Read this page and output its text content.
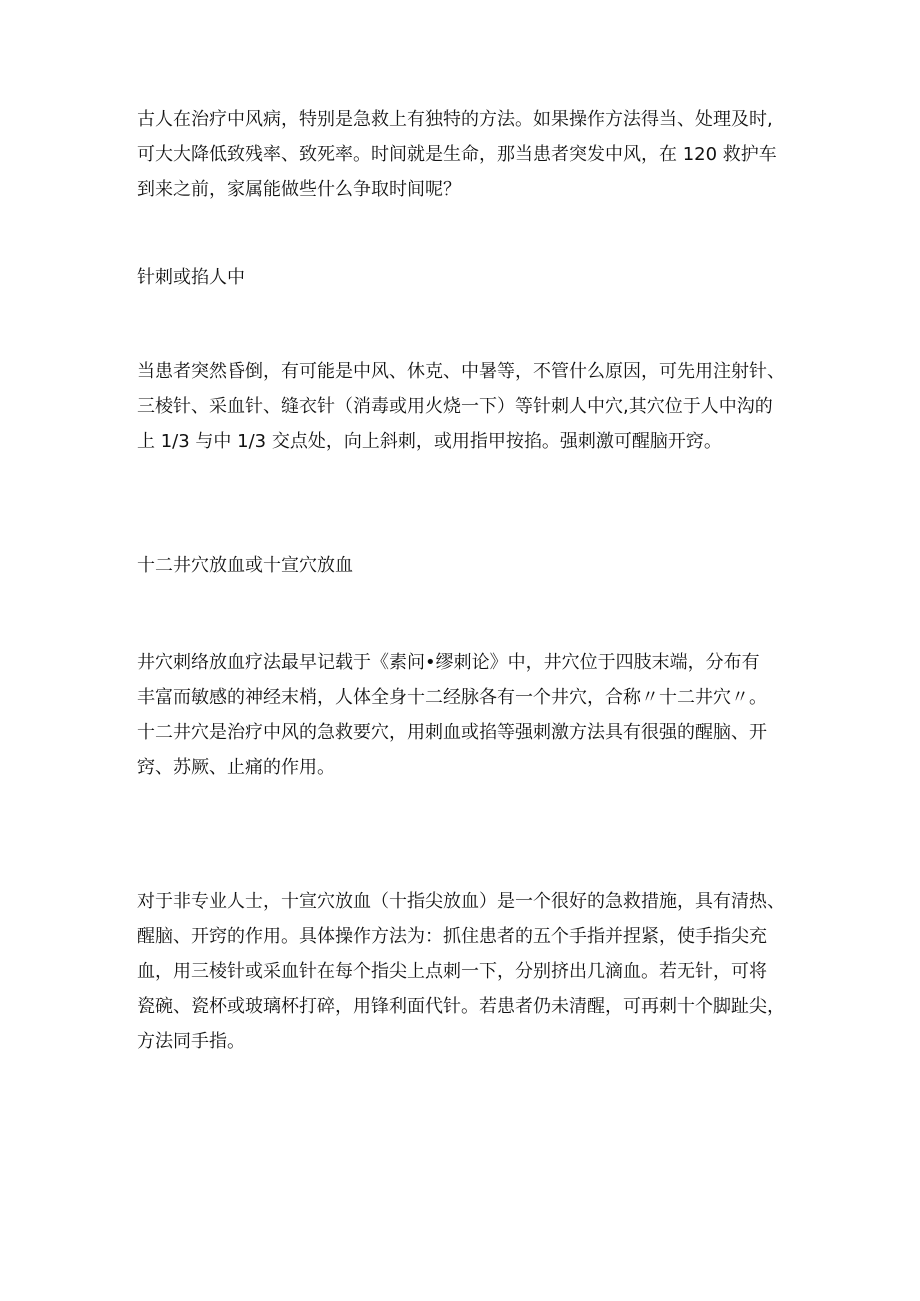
古人在治疗中风病，特别是急救上有独特的方法。如果操作方法得当、处理及时,
可大大降低致残率、致死率。时间就是生命，那当患者突发中风，在 120 救护车
到来之前，家属能做些什么争取时间呢？
针刺或掐人中
当患者突然昏倒，有可能是中风、休克、中暑等，不管什么原因，可先用注射针、
三棱针、采血针、缝衣针（消毒或用火烧一下）等针刺人中穴,其穴位于人中沟的
上 1/3 与中 1/3 交点处，向上斜刺，或用指甲按掐。强刺激可醒脑开窍。
十二井穴放血或十宣穴放血
井穴刺络放血疗法最早记载于《素问•缪刺论》中，井穴位于四肢末端，分布有
丰富而敏感的神经末梢，人体全身十二经脉各有一个井穴，合称〃十二井穴〃。
十二井穴是治疗中风的急救要穴，用刺血或掐等强刺激方法具有很强的醒脑、开
窍、苏厥、止痛的作用。
对于非专业人士，十宣穴放血（十指尖放血）是一个很好的急救措施，具有清热、
醒脑、开窍的作用。具体操作方法为：抓住患者的五个手指并捏紧，使手指尖充
血，用三棱针或采血针在每个指尖上点刺一下，分别挤出几滴血。若无针，可将
瓷碗、瓷杯或玻璃杯打碎，用锋利面代针。若患者仍未清醒，可再刺十个脚趾尖，
方法同手指。
